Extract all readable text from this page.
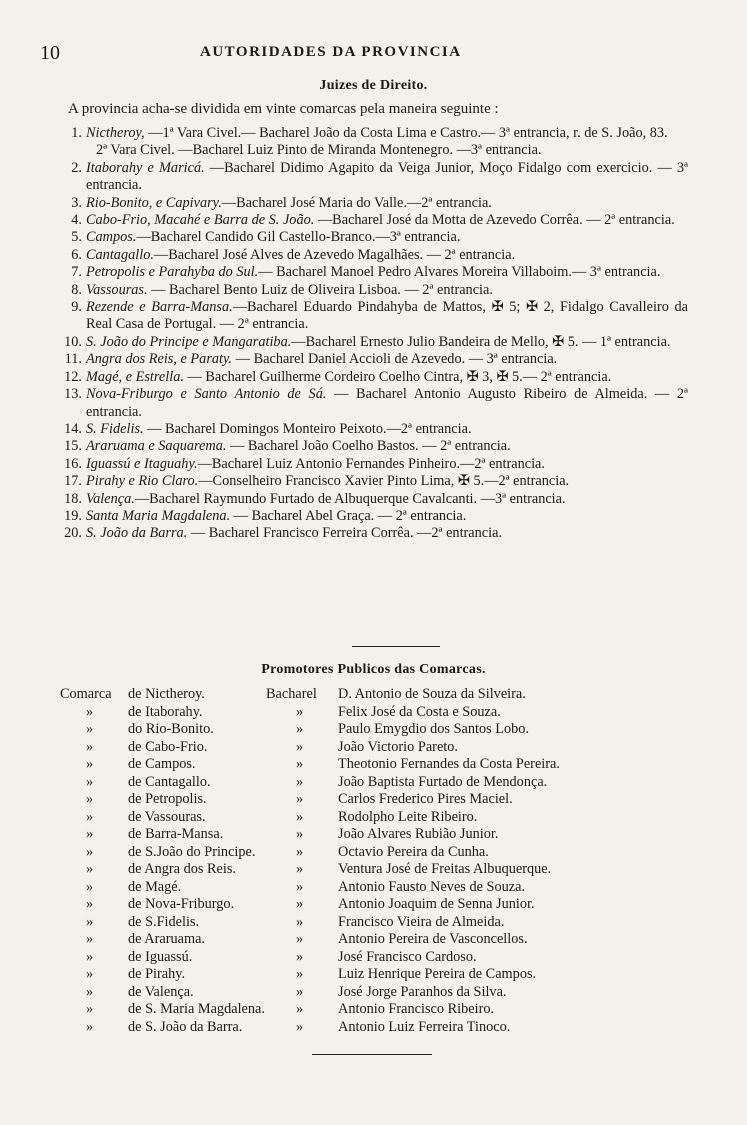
10	AUTORIDADES DA PROVINCIA
Juizes de Direito.
A provincia acha-se dividida em vinte comarcas pela maneira seguinte :
1. Nictheroy, —1ª Vara Civel.— Bacharel João da Costa Lima e Castro.— 3ª entrancia, r. de S. João, 83.
2ª Vara Civel. —Bacharel Luiz Pinto de Miranda Montenegro. —3ª entrancia.
2. Itaborahy e Maricá. —Bacharel Didimo Agapito da Veiga Junior, Moço Fidalgo com exercicio. — 3ª entrancia.
3. Rio-Bonito, e Capivary.—Bacharel José Maria do Valle.—2ª entrancia.
4. Cabo-Frio, Macahé e Barra de S. João. —Bacharel José da Motta de Azevedo Corrêa. — 2ª entrancia.
5. Campos.—Bacharel Candido Gil Castello-Branco.—3ª entrancia.
6. Cantagallo.—Bacharel José Alves de Azevedo Magalhães. — 2ª entrancia.
7. Petropolis e Parahyba do Sul.— Bacharel Manoel Pedro Alvares Moreira Villaboim.— 3ª entrancia.
8. Vassouras. — Bacharel Bento Luiz de Oliveira Lisboa. — 2ª entrancia.
9. Rezende e Barra-Mansa.—Bacharel Eduardo Pindahyba de Mattos, ✠ 5; ✠ 2, Fidalgo Cavalleiro da Real Casa de Portugal. — 2ª entrancia.
10. S. João do Principe e Mangaratiba.—Bacharel Ernesto Julio Bandeira de Mello, ✠ 5. — 1ª entrancia.
11. Angra dos Reis, e Paraty. — Bacharel Daniel Accioli de Azevedo. — 3ª entrancia.
12. Magé, e Estrella. — Bacharel Guilherme Cordeiro Coelho Cintra, ✠ 3, ✠ 5.— 2ª entrancia.
13. Nova-Friburgo e Santo Antonio de Sá. — Bacharel Antonio Augusto Ribeiro de Almeida. — 2ª entrancia.
14. S. Fidelis. — Bacharel Domingos Monteiro Peixoto.—2ª entrancia.
15. Araruama e Saquarema. — Bacharel João Coelho Bastos. — 2ª entrancia.
16. Iguassú e Itaguahy.—Bacharel Luiz Antonio Fernandes Pinheiro.—2ª entrancia.
17. Pirahy e Rio Claro.—Conselheiro Francisco Xavier Pinto Lima, ✠ 5.—2ª entrancia.
18. Valença.—Bacharel Raymundo Furtado de Albuquerque Cavalcanti. —3ª entrancia.
19. Santa Maria Magdalena. — Bacharel Abel Graça. — 2ª entrancia.
20. S. João da Barra. — Bacharel Francisco Ferreira Corrêa. —2ª entrancia.
Promotores Publicos das Comarcas.
Comarca	Bacharel
de Nictheroy.	D. Antonio de Souza da Silveira.
»	»
de Itaborahy.	Felix José da Costa e Souza.
»	»
do Rio-Bonito.	Paulo Emygdio dos Santos Lobo.
»	»
de Cabo-Frio.	João Victorio Pareto.
»	»
de Campos.	Theotonio Fernandes da Costa Pereira.
»	»
de Cantagallo.	João Baptista Furtado de Mendonça.
»	»
de Petropolis.	Carlos Frederico Pires Maciel.
»	»
de Vassouras.	Rodolpho Leite Ribeiro.
»	»
de Barra-Mansa.	João Alvares Rubião Junior.
»	»
de S.João do Principe.	Octavio Pereira da Cunha.
»	»
de Angra dos Reis.	Ventura José de Freitas Albuquerque.
»	»
de Magé.	Antonio Fausto Neves de Souza.
»	»
de Nova-Friburgo.	Antonio Joaquim de Senna Junior.
»	»
de S.Fidelis.	Francisco Vieira de Almeida.
»	»
de Araruama.	Antonio Pereira de Vasconcellos.
»	»
de Iguassú.	José Francisco Cardoso.
»	»
de Pirahy.	Luiz Henrique Pereira de Campos.
»	»
de Valença.	José Jorge Paranhos da Silva.
»	»
de S. Maria Magdalena.	Antonio Francisco Ribeiro.
»	»
de S. João da Barra.	Antonio Luiz Ferreira Tinoco.
